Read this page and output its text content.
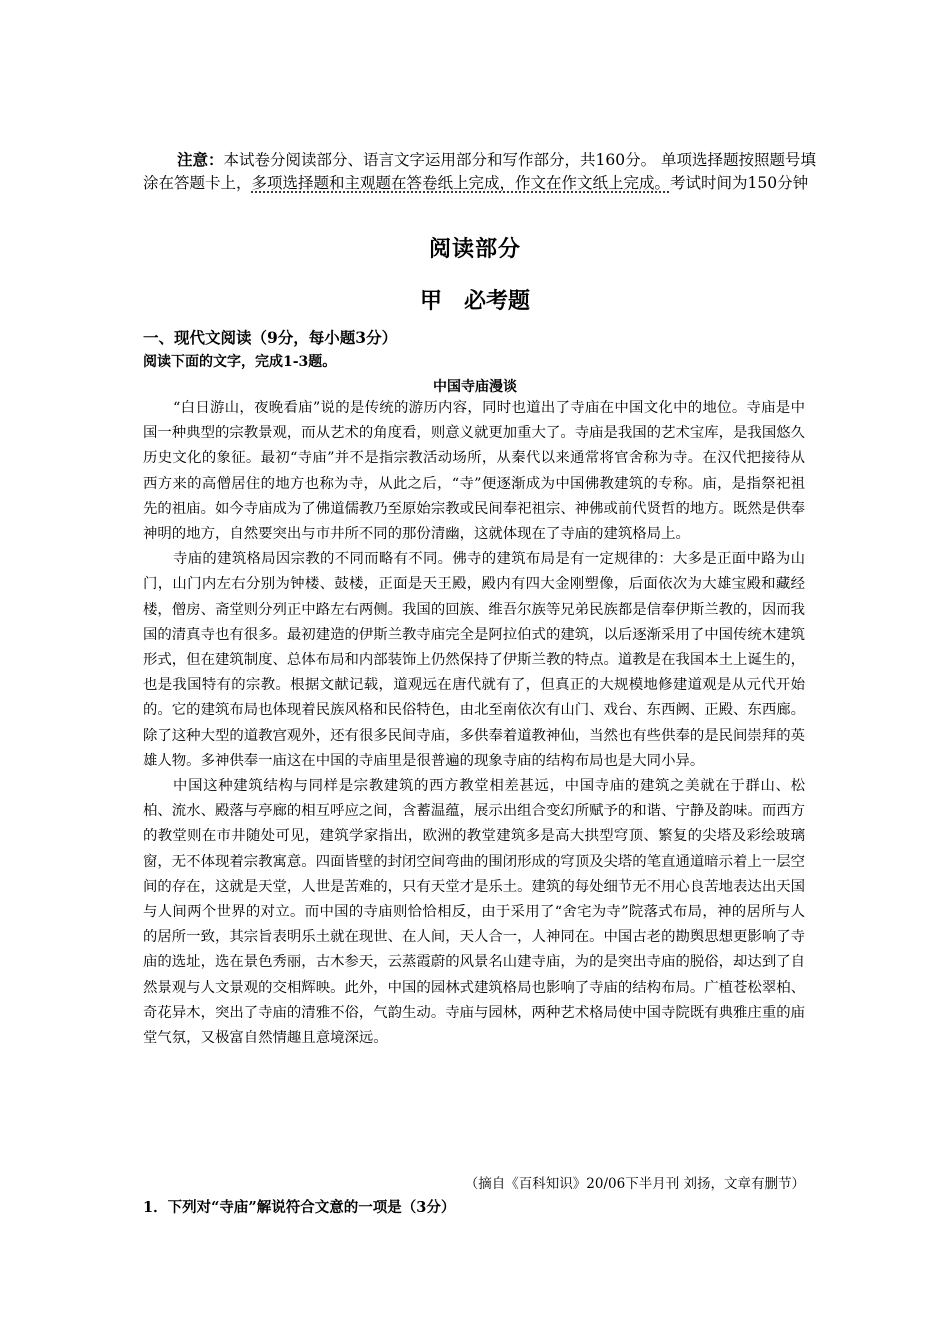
注意：本试卷分阅读部分、语言文字运用部分和写作部分，共160分。 单项选择题按照题号填涂在答题卡上，多项选择题和主观题在答卷纸上完成，作文在作文纸上完成。考试时间为150分钟
阅读部分
甲　必考题
一、现代文阅读（9分，每小题3分）
阅读下面的文字，完成1-3题。
中国寺庙漫谈

“白日游山，夜晚看庙”说的是传统的游历内容，同时也道出了寺庙在中国文化中的地位。寺庙是中国一种典型的宗教景观，而从艺术的角度看，则意义就更加重大了。寺庙是我国的艺术宝库，是我国悠久历史文化的象征。最初“寺庙”并不是指宗教活动场所，从秦代以来通常将官舍称为寺。在汉代把接待从西方来的高僧居住的地方也称为寺，从此之后，“寺”便逐渐成为中国佛教建筑的专称。庙，是指祭祀祖先的祖庙。如今寺庙成为了佛道儒教乃至原始宗教或民间奉祀祖宗、神佛或前代贤哲的地方。既然是供奉神明的地方，自然要突出与市井所不同的那份清幽，这就体现在了寺庙的建筑格局上。

寺庙的建筑格局因宗教的不同而略有不同。佛寺的建筑布局是有一定规律的：大多是正面中路为山门，山门内左右分别为钟楼、鼓楼，正面是天王殿，殿内有四大金刚塑像，后面依次为大雄宝殿和藏经楼，僧房、斋堂则分列正中路左右两侧。我国的回族、维吾尔族等兄弟民族都是信奉伊斯兰教的，因而我国的清真寺也有很多。最初建造的伊斯兰教寺庙完全是阿拉伯式的建筑，以后逐渐采用了中国传统木建筑形式，但在建筑制度、总体布局和内部装饰上仍然保持了伊斯兰教的特点。道教是在我国本土上诞生的，也是我国特有的宗教。根据文献记载，道观远在唐代就有了，但真正的大规模地修建道观是从元代开始的。它的建筑布局也体现着民族风格和民俗特色，由北至南依次有山门、戏台、东西阙、正殿、东西廊。除了这种大型的道教宫观外，还有很多民间寺庙，多供奉着道教神仙，当然也有些供奉的是民间崇拜的英雄人物。多神供奉一庙这在中国的寺庙里是很普遍的现象寺庙的结构布局也是大同小异。

中国这种建筑结构与同样是宗教建筑的西方教堂相差甚远，中国寺庙的建筑之美就在于群山、松柏、流水、殿落与亭廊的相互呼应之间，含蓄温蕴，展示出组合变幻所赋予的和谐、宁静及韵味。而西方的教堂则在市井随处可见，建筑学家指出，欧洲的教堂建筑多是高大拱型穹顶、繁复的尖塔及彩绘玻璃窗，无不体现着宗教寓意。四面皆壁的封闭空间弯曲的围闭形成的穹顶及尖塔的笔直通道暗示着上一层空间的存在，这就是天堂，人世是苦难的，只有天堂才是乐土。建筑的每处细节无不用心良苦地表达出天国与人间两个世界的对立。而中国的寺庙则恰恰相反，由于采用了“舍宅为寺”院落式布局，神的居所与人的居所一致，其宗旨表明乐土就在现世、在人间，天人合一，人神同在。中国古老的勘舆思想更影响了寺庙的选址，选在景色秀丽，古木参天，云蒸霞蔚的风景名山建寺庙，为的是突出寺庙的脱俗，却达到了自然景观与人文景观的交相辉映。此外，中国的园林式建筑格局也影响了寺庙的结构布局。广植苍松翠柏、奇花异木，突出了寺庙的清雅不俗，气韵生动。寺庙与园林，两种艺术格局使中国寺院既有典雅庄重的庙堂气氛，又极富自然情趣且意境深远。

（摘自《百科知识》20/06下半月刊 刘扬，文章有删节）
1．下列对“寺庙”解说符合文意的一项是（3分）
